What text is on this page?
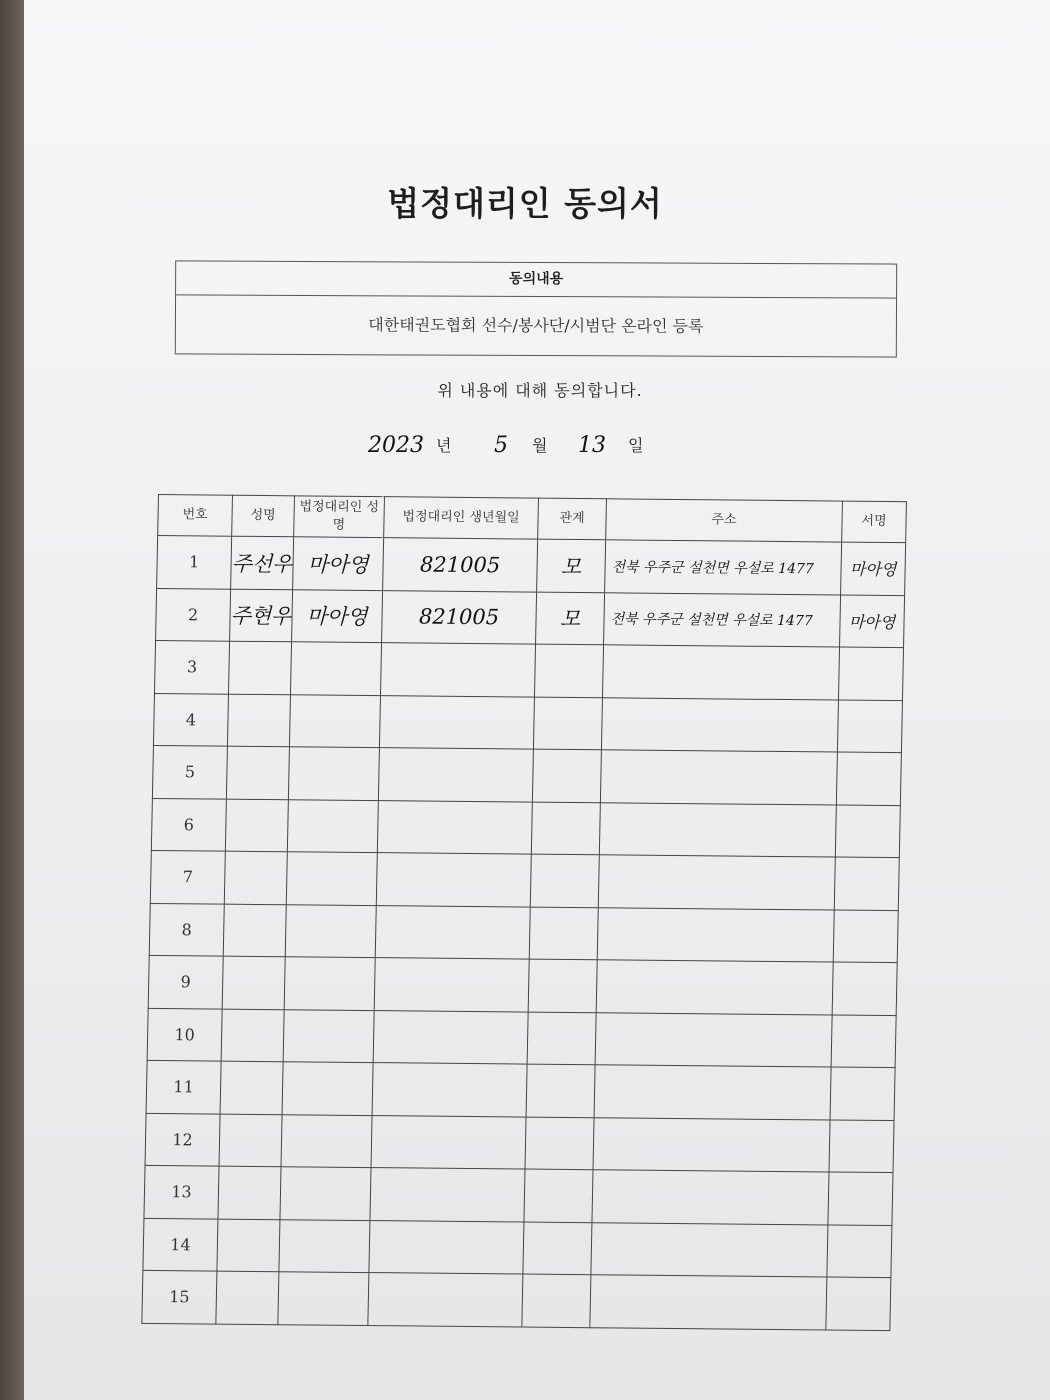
법정대리인 동의서
동의내용
대한태권도협회 선수/봉사단/시범단 온라인 등록
위 내용에 대해 동의합니다.
2023 년 5 월 13 일
번호	성명	법정대리인 성명	법정대리인 생년월일	관계	주소	서명
1	주선우	마아영	821005	모	전북 우주군 설천면 우설로 1477	마아영
2	주현우	마아영	821005	모	전북 우주군 설천면 우설로 1477	마아영
3						
4						
5						
6						
7						
8						
9						
10						
11						
12						
13						
14						
15						
